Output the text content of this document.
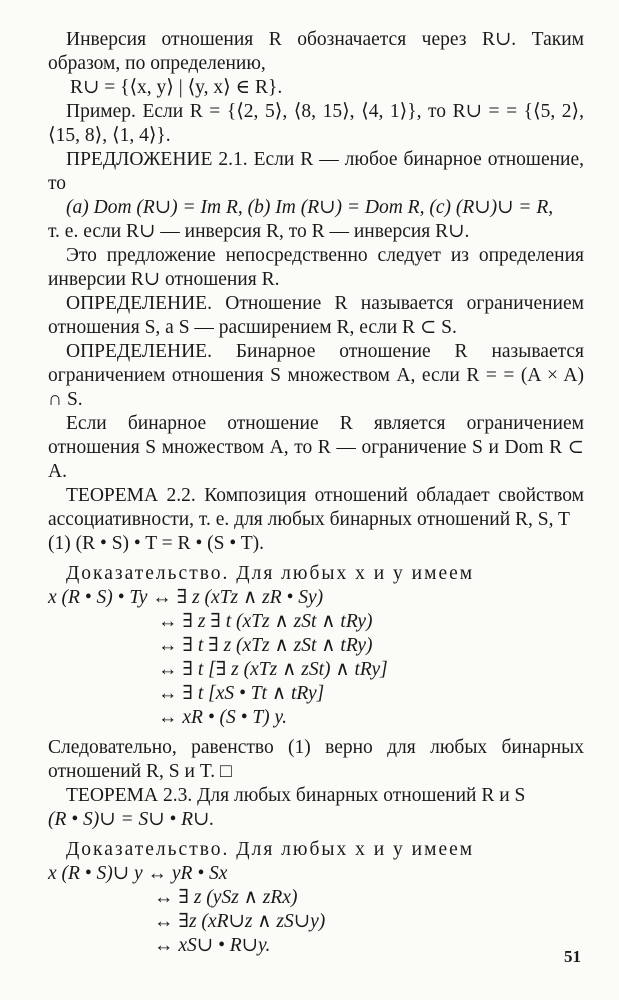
Инверсия отношения R обозначается через R∪. Таким образом, по определению,

R∪ = {⟨x, y⟩ | ⟨y, x⟩ ∈ R}.

Пример. Если R = {⟨2, 5⟩, ⟨8, 15⟩, ⟨4, 1⟩}, то R∪ = = {⟨5, 2⟩, ⟨15, 8⟩, ⟨1, 4⟩}.

ПРЕДЛОЖЕНИЕ 2.1. Если R — любое бинарное отношение, то

(a) Dom (R∪) = Im R, (b) Im (R∪) = Dom R, (c) (R∪)∪ = R,

т. е. если R∪ — инверсия R, то R — инверсия R∪.

Это предложение непосредственно следует из определения инверсии R∪ отношения R.

ОПРЕДЕЛЕНИЕ. Отношение R называется ограничением отношения S, а S — расширением R, если R ⊂ S.

ОПРЕДЕЛЕНИЕ. Бинарное отношение R называется ограничением отношения S множеством A, если R = = (A × A) ∩ S.

Если бинарное отношение R является ограничением отношения S множеством A, то R — ограничение S и Dom R ⊂ A.

ТЕОРЕМА 2.2. Композиция отношений обладает свойством ассоциативности, т. е. для любых бинарных отношений R, S, T

(1) (R • S) • T = R • (S • T).

Доказательство. Для любых x и y имеем

x (R • S) • Ty ↔ ∃ z (xTz ∧ zR • Sy)

↔ ∃ z ∃ t (xTz ∧ zSt ∧ tRy)

↔ ∃ t ∃ z (xTz ∧ zSt ∧ tRy)

↔ ∃ t [∃ z (xTz ∧ zSt) ∧ tRy]

↔ ∃ t [xS • Tt ∧ tRy]

↔ xR • (S • T) y.

Следовательно, равенство (1) верно для любых бинарных отношений R, S и T. □

ТЕОРЕМА 2.3. Для любых бинарных отношений R и S

(R • S)∪ = S∪ • R∪.

Доказательство. Для любых x и y имеем

x (R • S)∪ y ↔ yR • Sx

↔ ∃ z (ySz ∧ zRx)

↔ ∃z (xR∪z ∧ zS∪y)

↔ xS∪ • R∪y.

51
